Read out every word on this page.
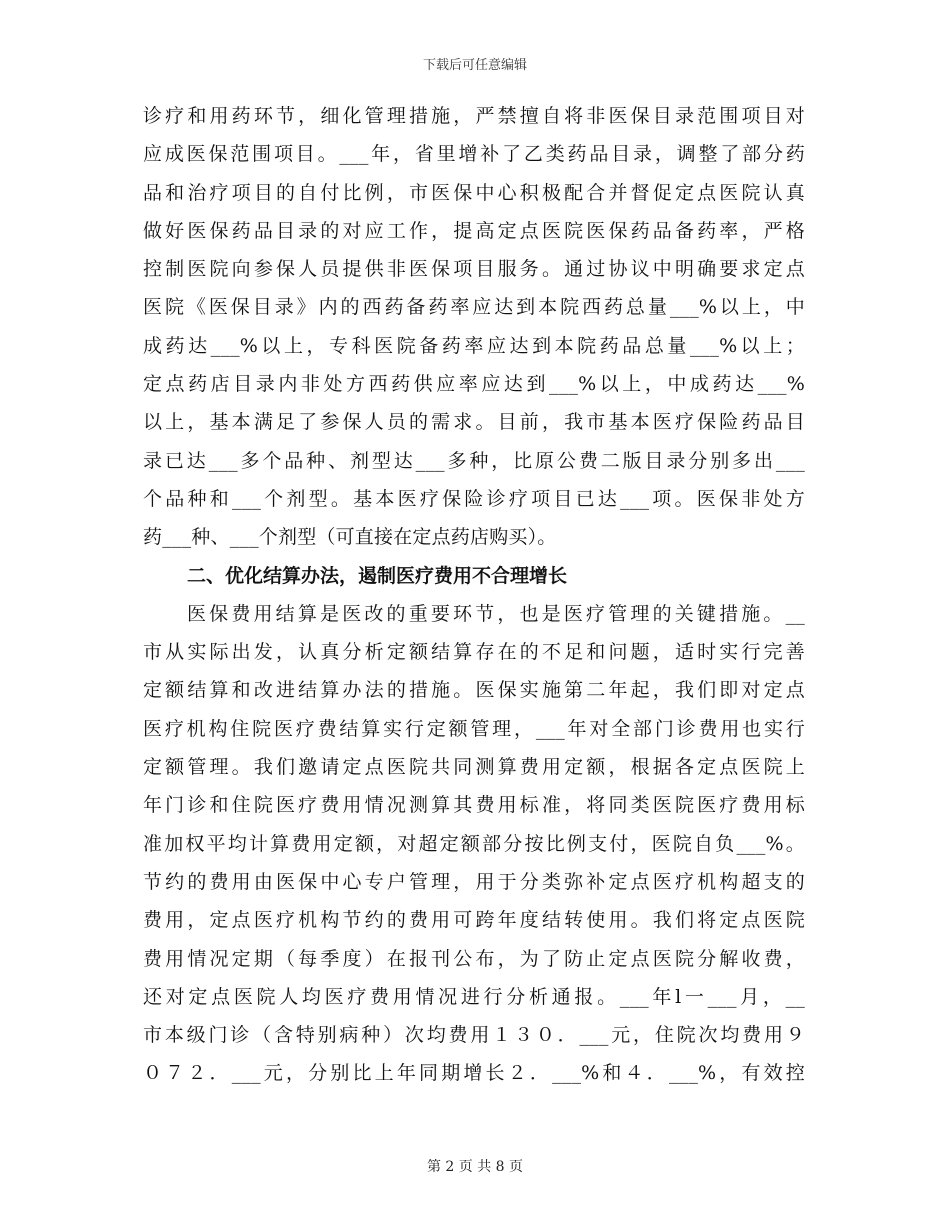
下载后可任意编辑
诊疗和用药环节，细化管理措施，严禁擅自将非医保目录范围项目对
应成医保范围项目。___年，省里增补了乙类药品目录，调整了部分药
品和治疗项目的自付比例，市医保中心积极配合并督促定点医院认真
做好医保药品目录的对应工作，提高定点医院医保药品备药率，严格
控制医院向参保人员提供非医保项目服务。通过协议中明确要求定点
医院《医保目录》内的西药备药率应达到本院西药总量___%以上，中
成药达___%以上，专科医院备药率应达到本院药品总量___%以上；
定点药店目录内非处方西药供应率应达到___%以上，中成药达___%
以上，基本满足了参保人员的需求。目前，我市基本医疗保险药品目
录已达___多个品种、剂型达___多种，比原公费二版目录分别多出___
个品种和___个剂型。基本医疗保险诊疗项目已达___项。医保非处方
药___种、___个剂型（可直接在定点药店购买）。
二、优化结算办法，遏制医疗费用不合理增长
医保费用结算是医改的重要环节，也是医疗管理的关键措施。__
市从实际出发，认真分析定额结算存在的不足和问题，适时实行完善
定额结算和改进结算办法的措施。医保实施第二年起，我们即对定点
医疗机构住院医疗费结算实行定额管理，___年对全部门诊费用也实行
定额管理。我们邀请定点医院共同测算费用定额，根据各定点医院上
年门诊和住院医疗费用情况测算其费用标准，将同类医院医疗费用标
准加权平均计算费用定额，对超定额部分按比例支付，医院自负___%。
节约的费用由医保中心专户管理，用于分类弥补定点医疗机构超支的
费用，定点医疗机构节约的费用可跨年度结转使用。我们将定点医院
费用情况定期（每季度）在报刊公布，为了防止定点医院分解收费，
还对定点医院人均医疗费用情况进行分析通报。___年l一___月，__
市本级门诊（含特别病种）次均费用１３０．___元，住院次均费用９
０７２．___元，分别比上年同期增长２．___%和４．___%，有效控
第 2 页 共 8 页
